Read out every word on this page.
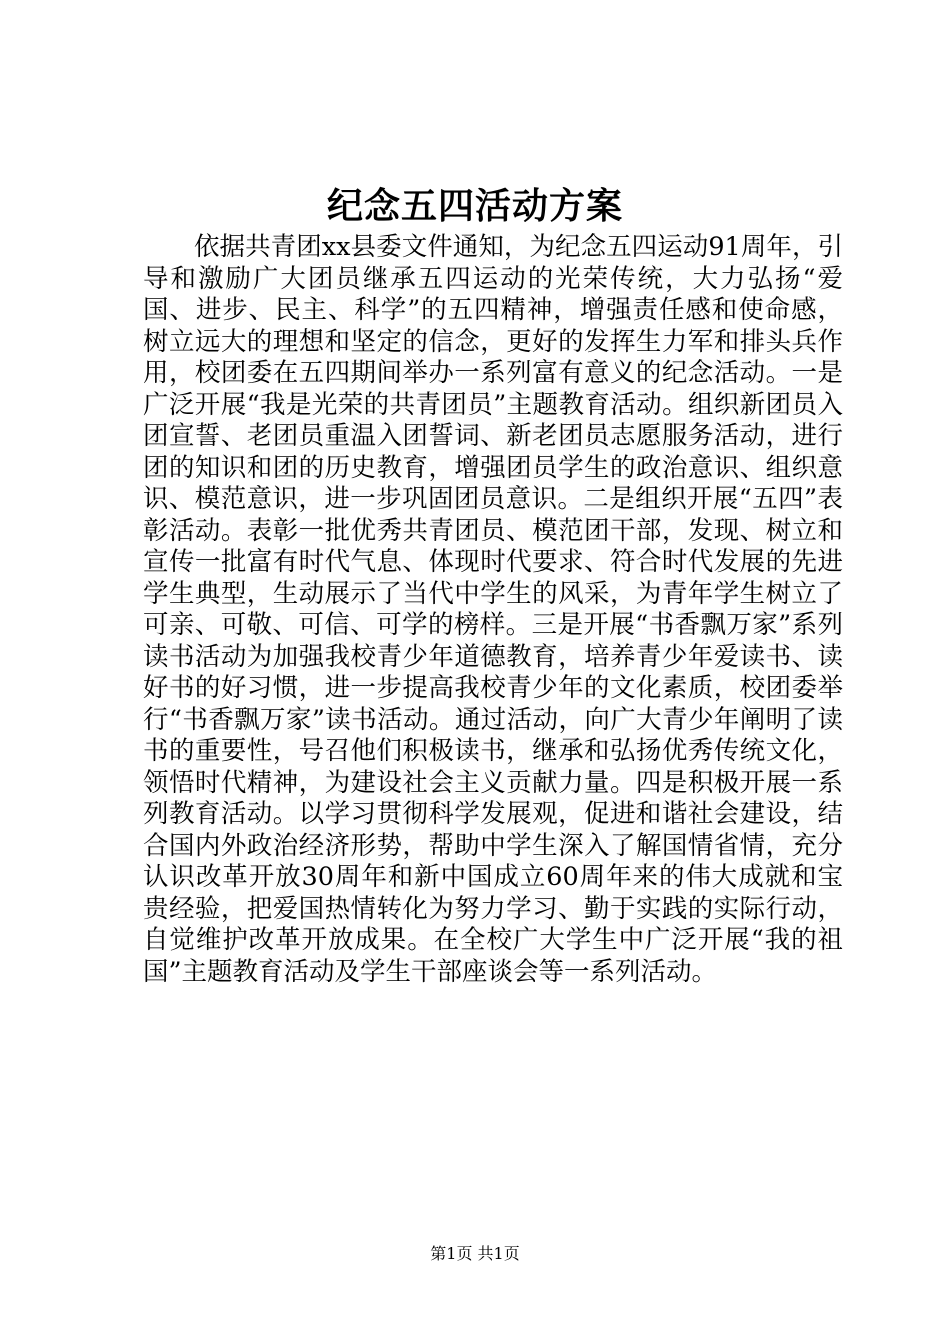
纪念五四活动方案

依据共青团xx县委文件通知，为纪念五四运动91周年，引导和激励广大团员继承五四运动的光荣传统，大力弘扬“爱国、进步、民主、科学”的五四精神，增强责任感和使命感，树立远大的理想和坚定的信念，更好的发挥生力军和排头兵作用，校团委在五四期间举办一系列富有意义的纪念活动。一是广泛开展“我是光荣的共青团员”主题教育活动。组织新团员入团宣誓、老团员重温入团誓词、新老团员志愿服务活动，进行团的知识和团的历史教育，增强团员学生的政治意识、组织意识、模范意识，进一步巩固团员意识。二是组织开展“五四”表彰活动。表彰一批优秀共青团员、模范团干部，发现、树立和宣传一批富有时代气息、体现时代要求、符合时代发展的先进学生典型，生动展示了当代中学生的风采，为青年学生树立了可亲、可敬、可信、可学的榜样。三是开展“书香飘万家”系列读书活动为加强我校青少年道德教育，培养青少年爱读书、读好书的好习惯，进一步提高我校青少年的文化素质，校团委举行“书香飘万家”读书活动。通过活动，向广大青少年阐明了读书的重要性，号召他们积极读书，继承和弘扬优秀传统文化，领悟时代精神，为建设社会主义贡献力量。四是积极开展一系列教育活动。以学习贯彻科学发展观，促进和谐社会建设，结合国内外政治经济形势，帮助中学生深入了解国情省情，充分认识改革开放30周年和新中国成立60周年来的伟大成就和宝贵经验，把爱国热情转化为努力学习、勤于实践的实际行动，自觉维护改革开放成果。在全校广大学生中广泛开展“我的祖国”主题教育活动及学生干部座谈会等一系列活动。

第1页 共1页
